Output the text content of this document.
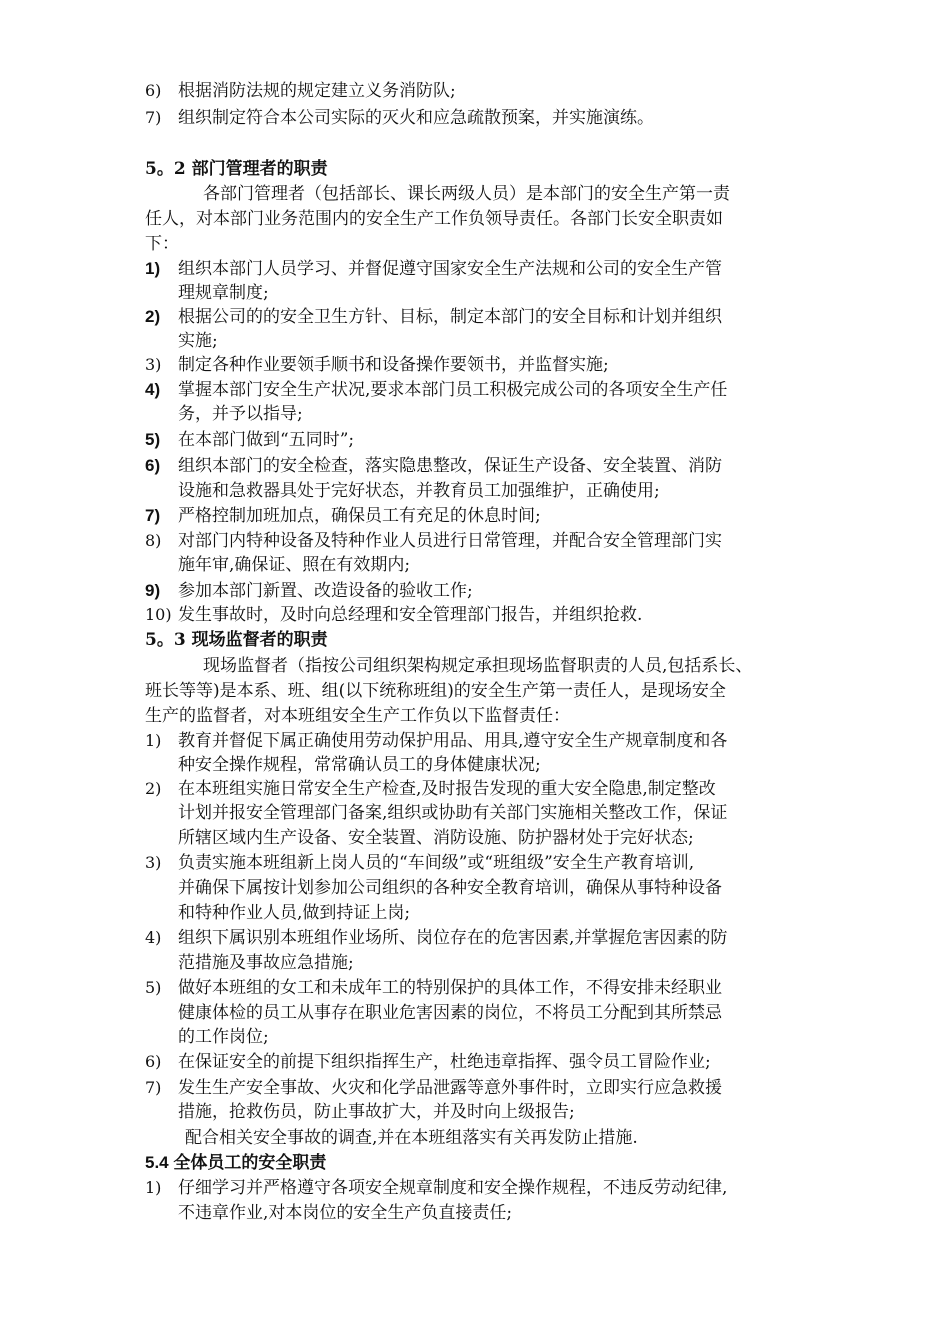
6) 根据消防法规的规定建立义务消防队;
7) 组织制定符合本公司实际的灭火和应急疏散预案，并实施演练。
5。2 部门管理者的职责
各部门管理者（包括部长、课长两级人员）是本部门的安全生产第一责
任人，对本部门业务范围内的安全生产工作负领导责任。各部门长安全职责如
下：
1) 组织本部门人员学习、并督促遵守国家安全生产法规和公司的安全生产管
理规章制度;
2) 根据公司的的安全卫生方针、目标，制定本部门的安全目标和计划并组织
实施;
3) 制定各种作业要领手顺书和设备操作要领书，并监督实施;
4) 掌握本部门安全生产状况,要求本部门员工积极完成公司的各项安全生产任
务，并予以指导;
5) 在本部门做到“五同时”;
6) 组织本部门的安全检查，落实隐患整改，保证生产设备、安全装置、消防
设施和急救器具处于完好状态，并教育员工加强维护，正确使用;
7) 严格控制加班加点，确保员工有充足的休息时间;
8) 对部门内特种设备及特种作业人员进行日常管理，并配合安全管理部门实
施年审,确保证、照在有效期内;
9) 参加本部门新置、改造设备的验收工作;
10) 发生事故时，及时向总经理和安全管理部门报告，并组织抢救.
5。3 现场监督者的职责
现场监督者（指按公司组织架构规定承担现场监督职责的人员,包括系长、
班长等等)是本系、班、组(以下统称班组)的安全生产第一责任人，是现场安全
生产的监督者，对本班组安全生产工作负以下监督责任：
1) 教育并督促下属正确使用劳动保护用品、用具,遵守安全生产规章制度和各
种安全操作规程，常常确认员工的身体健康状况;
2) 在本班组实施日常安全生产检查,及时报告发现的重大安全隐患,制定整改
计划并报安全管理部门备案,组织或协助有关部门实施相关整改工作，保证
所辖区域内生产设备、安全装置、消防设施、防护器材处于完好状态;
3) 负责实施本班组新上岗人员的“车间级”或“班组级”安全生产教育培训,
并确保下属按计划参加公司组织的各种安全教育培训，确保从事特种设备
和特种作业人员,做到持证上岗;
4) 组织下属识别本班组作业场所、岗位存在的危害因素,并掌握危害因素的防
范措施及事故应急措施;
5) 做好本班组的女工和未成年工的特别保护的具体工作，不得安排未经职业
健康体检的员工从事存在职业危害因素的岗位，不将员工分配到其所禁忌
的工作岗位;
6) 在保证安全的前提下组织指挥生产，杜绝违章指挥、强令员工冒险作业;
7) 发生生产安全事故、火灾和化学品泄露等意外事件时，立即实行应急救援
措施，抢救伤员，防止事故扩大，并及时向上级报告;
配合相关安全事故的调查,并在本班组落实有关再发防止措施.
5.4 全体员工的安全职责
1) 仔细学习并严格遵守各项安全规章制度和安全操作规程，不违反劳动纪律,
不违章作业,对本岗位的安全生产负直接责任;
